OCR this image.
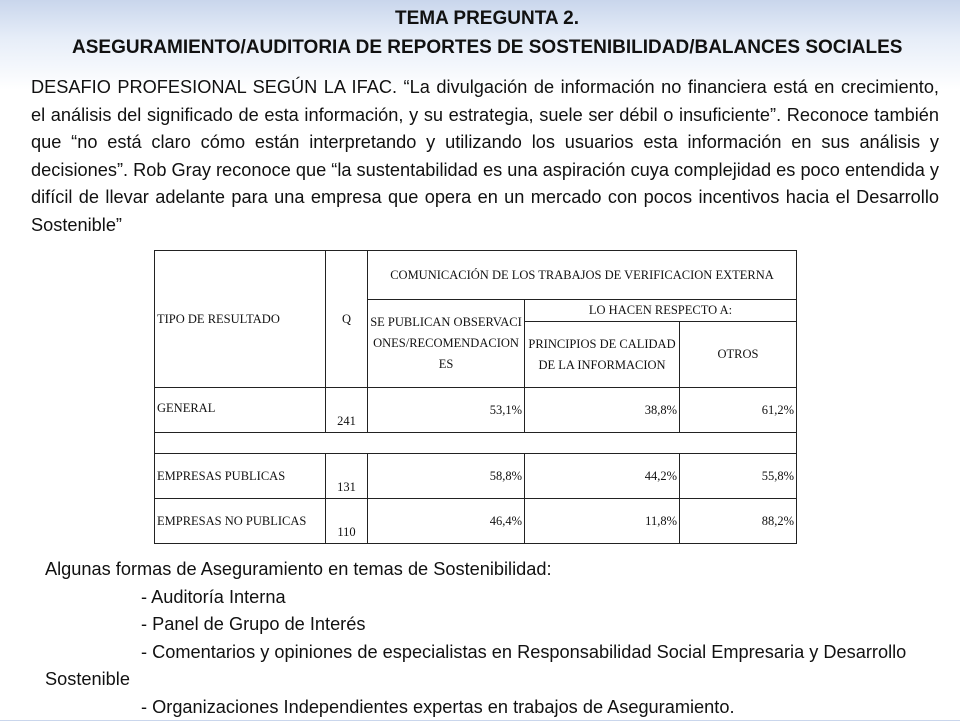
TEMA PREGUNTA 2.
ASEGURAMIENTO/AUDITORIA DE REPORTES DE SOSTENIBILIDAD/BALANCES SOCIALES
DESAFIO PROFESIONAL SEGÚN LA IFAC. “La divulgación de información no financiera está en crecimiento, el análisis del significado de esta información, y su estrategia, suele ser débil o insuficiente”. Reconoce también que “no está claro cómo están interpretando y utilizando los usuarios esta información en sus análisis y decisiones”. Rob Gray reconoce que “la sustentabilidad es una aspiración cuya complejidad es poco entendida y difícil de llevar adelante para una empresa que opera en un mercado con pocos incentivos hacia el Desarrollo Sostenible”
TIPO DE RESULTADO	Q	COMUNICACIÓN DE LOS TRABAJOS DE VERIFICACION EXTERNA		
		SE PUBLICAN OBSERVACIONES/RECOMENDACIONES	LO HACEN RESPECTO A:	
			PRINCIPIOS DE CALIDAD DE LA INFORMACION	OTROS
GENERAL	241	53,1%	38,8%	61,2%

EMPRESAS PUBLICAS	131	58,8%	44,2%	55,8%
EMPRESAS NO PUBLICAS	110	46,4%	11,8%	88,2%
Algunas formas de Aseguramiento en temas de Sostenibilidad:
- Auditoría Interna
- Panel de Grupo de Interés
- Comentarios y opiniones de especialistas en Responsabilidad Social Empresaria y Desarrollo Sostenible
- Organizaciones Independientes expertas en trabajos de Aseguramiento.
